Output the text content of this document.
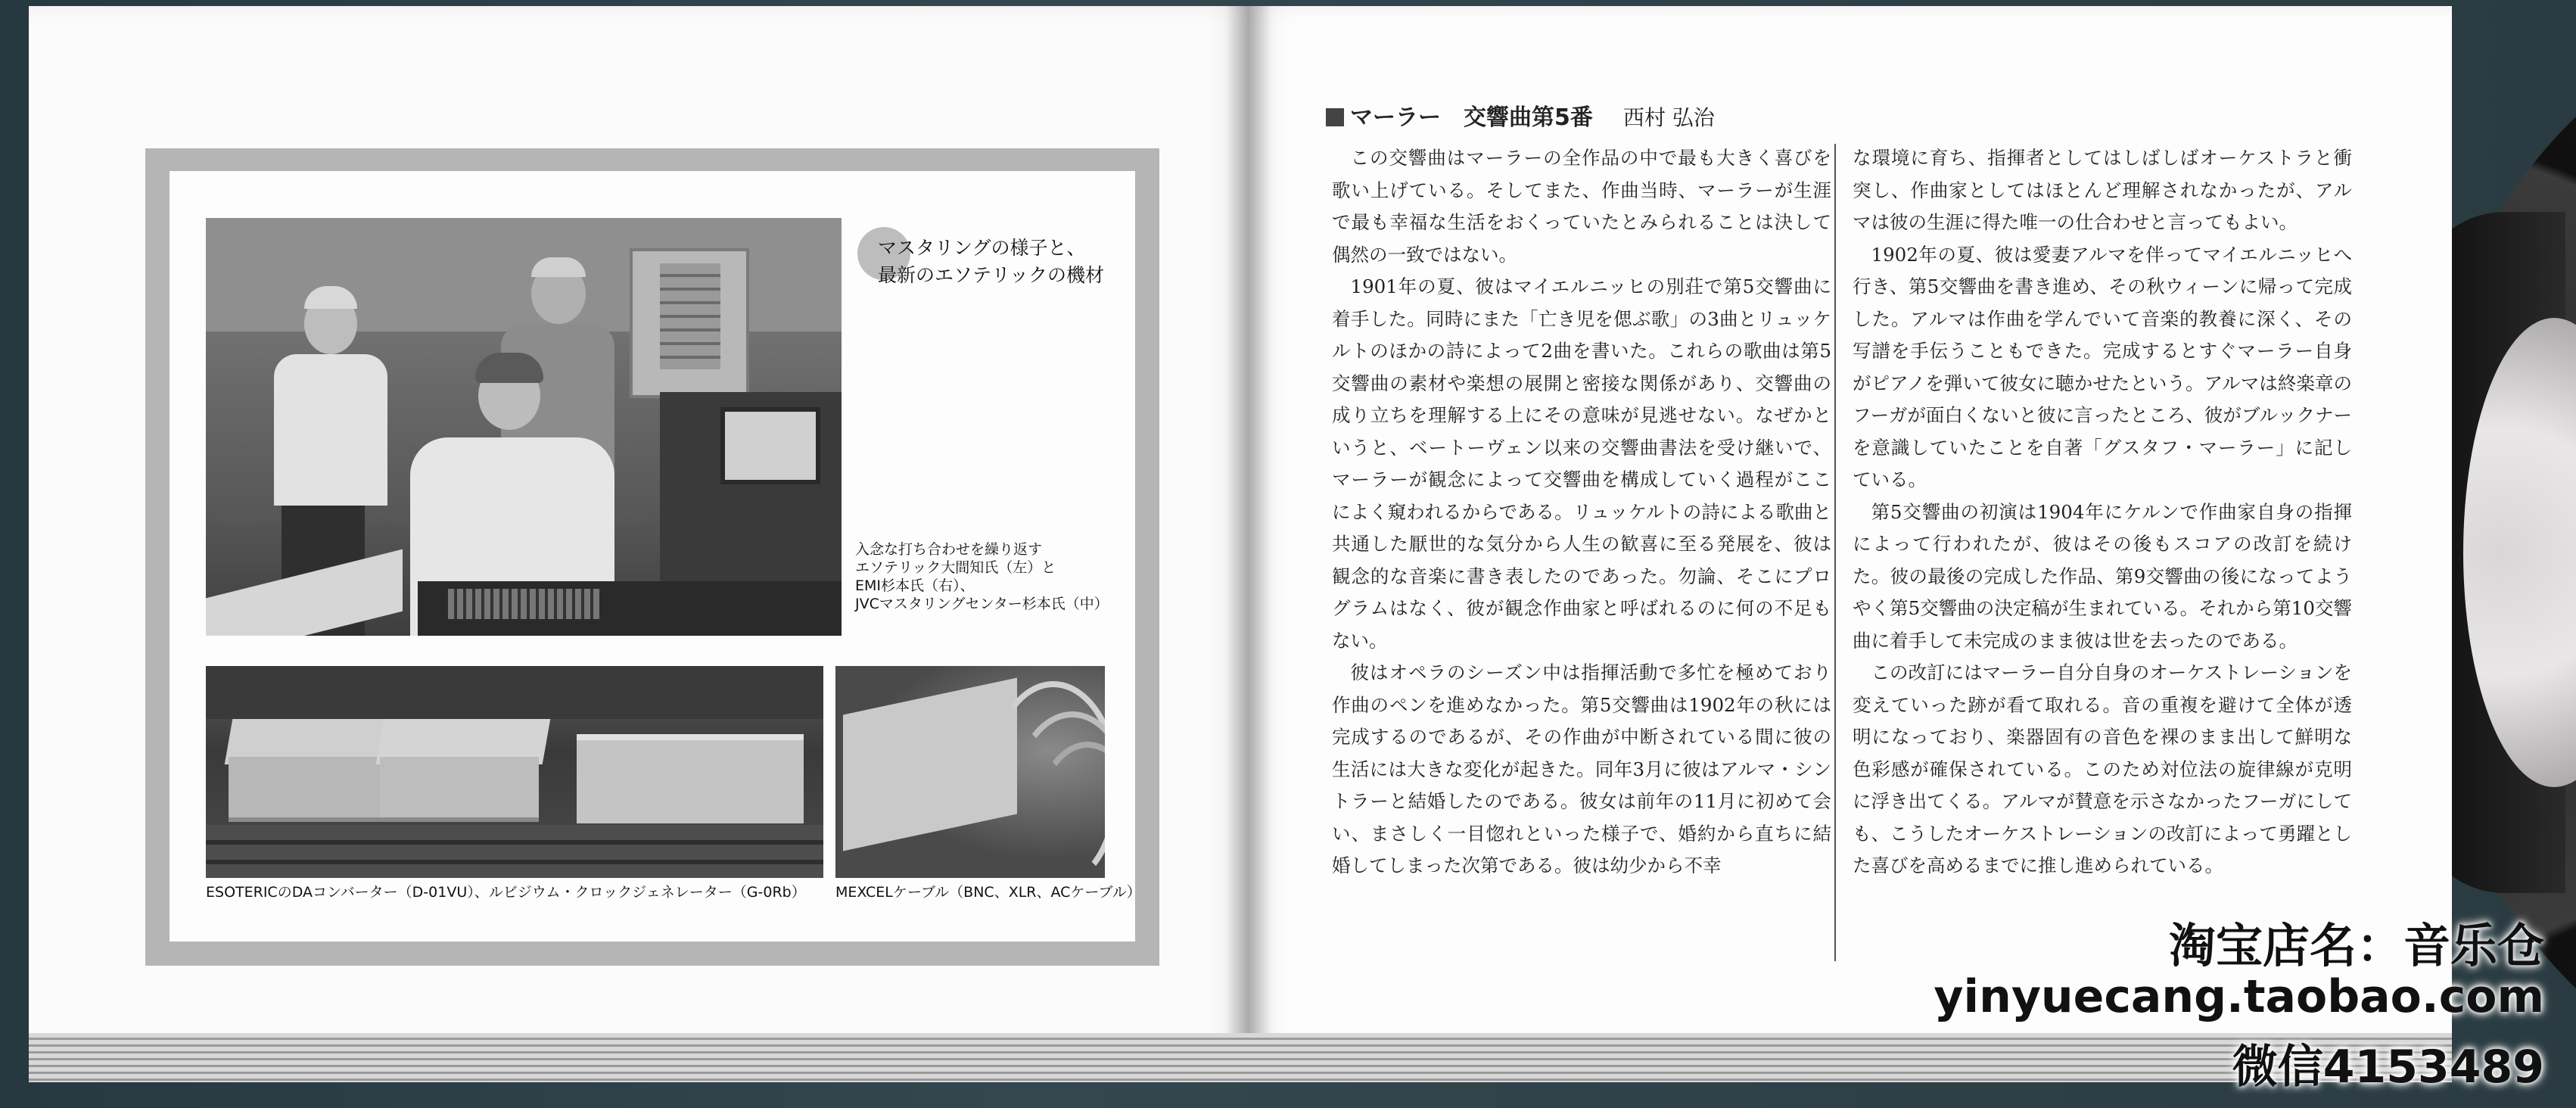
マスタリングの様子と、
最新のエソテリックの機材
入念な打ち合わせを繰り返す
エソテリック大間知氏（左）と
EMI杉本氏（右）、
JVCマスタリングセンター杉本氏（中）
ESOTERICのDAコンバーター（D-01VU）、ルビジウム・クロックジェネレーター（G-0Rb） MEXCELケーブル（BNC、XLR、ACケーブル）
マーラー　交響曲第5番 西村 弘治

この交響曲はマーラーの全作品の中で最も大きく喜びを歌い上げている。そしてまた、作曲当時、マーラーが生涯で最も幸福な生活をおくっていたとみられることは決して偶然の一致ではない。

1901年の夏、彼はマイエルニッヒの別荘で第5交響曲に着手した。同時にまた「亡き児を偲ぶ歌」の3曲とリュッケルトのほかの詩によって2曲を書いた。これらの歌曲は第5交響曲の素材や楽想の展開と密接な関係があり、交響曲の成り立ちを理解する上にその意味が見逃せない。なぜかというと、ベートーヴェン以来の交響曲書法を受け継いで、マーラーが観念によって交響曲を構成していく過程がここによく窺われるからである。リュッケルトの詩による歌曲と共通した厭世的な気分から人生の歓喜に至る発展を、彼は観念的な音楽に書き表したのであった。勿論、そこにプログラムはなく、彼が観念作曲家と呼ばれるのに何の不足もない。

彼はオペラのシーズン中は指揮活動で多忙を極めており作曲のペンを進めなかった。第5交響曲は1902年の秋には完成するのであるが、その作曲が中断されている間に彼の生活には大きな変化が起きた。同年3月に彼はアルマ・シントラーと結婚したのである。彼女は前年の11月に初めて会い、まさしく一目惚れといった様子で、婚約から直ちに結婚してしまった次第である。彼は幼少から不幸

な環境に育ち、指揮者としてはしばしばオーケストラと衝突し、作曲家としてはほとんど理解されなかったが、アルマは彼の生涯に得た唯一の仕合わせと言ってもよい。

1902年の夏、彼は愛妻アルマを伴ってマイエルニッヒへ行き、第5交響曲を書き進め、その秋ウィーンに帰って完成した。アルマは作曲を学んでいて音楽的教養に深く、その写譜を手伝うこともできた。完成するとすぐマーラー自身がピアノを弾いて彼女に聴かせたという。アルマは終楽章のフーガが面白くないと彼に言ったところ、彼がブルックナーを意識していたことを自著「グスタフ・マーラー」に記している。

第5交響曲の初演は1904年にケルンで作曲家自身の指揮によって行われたが、彼はその後もスコアの改訂を続けた。彼の最後の完成した作品、第9交響曲の後になってようやく第5交響曲の決定稿が生まれている。それから第10交響曲に着手して未完成のまま彼は世を去ったのである。

この改訂にはマーラー自分自身のオーケストレーションを変えていった跡が看て取れる。音の重複を避けて全体が透明になっており、楽器固有の音色を裸のまま出して鮮明な色彩感が確保されている。このため対位法の旋律線が克明に浮き出てくる。アルマが賛意を示さなかったフーガにしても、こうしたオーケストレーションの改訂によって勇躍とした喜びを高めるまでに推し進められている。

淘宝店名：音乐仓
yinyuecang.taobao.com
微信4153489
